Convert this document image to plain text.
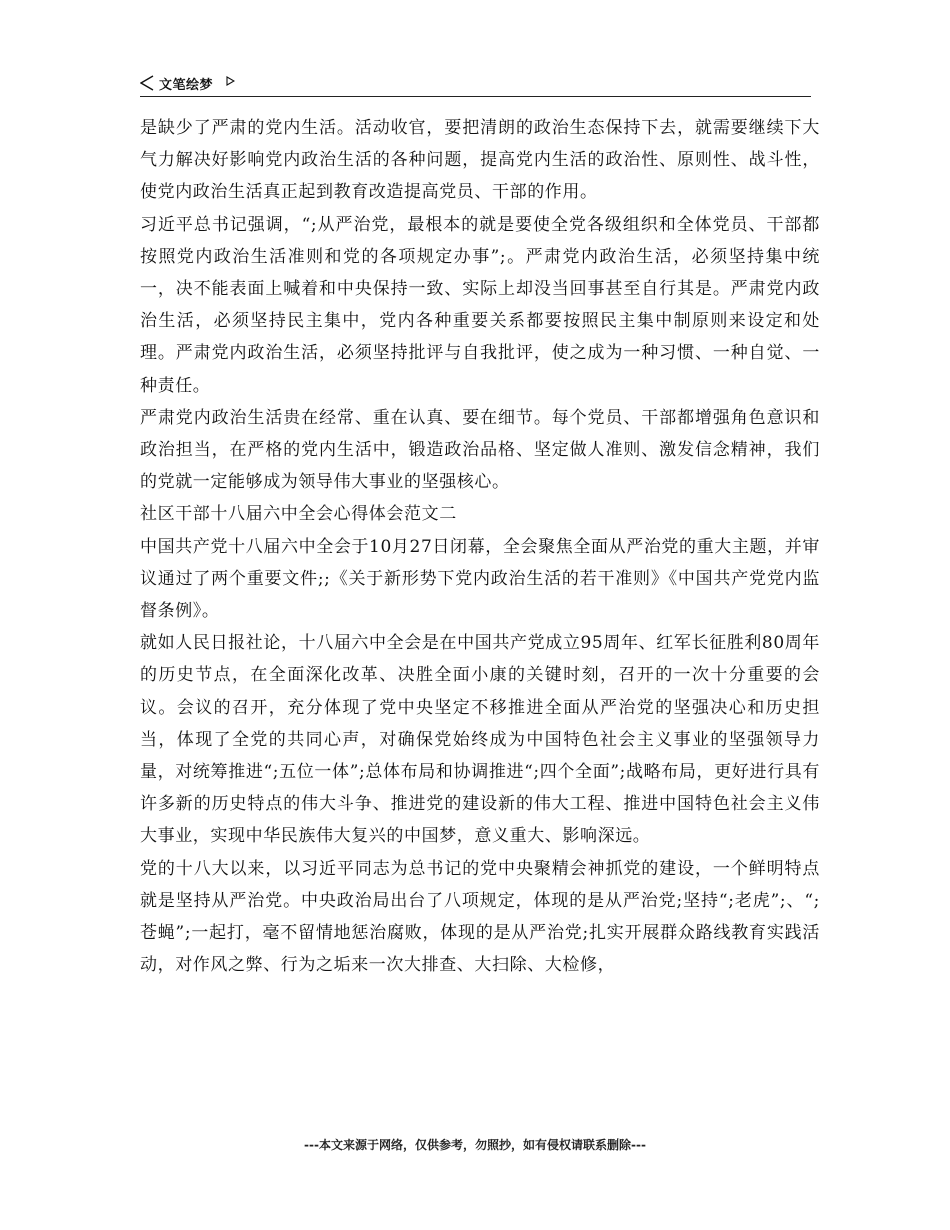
文笔绘梦

是缺少了严肃的党内生活。活动收官，要把清朗的政治生态保持下去，就需要继续下大气力解决好影响党内政治生活的各种问题，提高党内生活的政治性、原则性、战斗性，使党内政治生活真正起到教育改造提高党员、干部的作用。

习近平总书记强调，“;从严治党，最根本的就是要使全党各级组织和全体党员、干部都按照党内政治生活准则和党的各项规定办事”;。严肃党内政治生活，必须坚持集中统一，决不能表面上喊着和中央保持一致、实际上却没当回事甚至自行其是。严肃党内政治生活，必须坚持民主集中，党内各种重要关系都要按照民主集中制原则来设定和处理。严肃党内政治生活，必须坚持批评与自我批评，使之成为一种习惯、一种自觉、一种责任。

严肃党内政治生活贵在经常、重在认真、要在细节。每个党员、干部都增强角色意识和政治担当，在严格的党内生活中，锻造政治品格、坚定做人准则、激发信念精神，我们的党就一定能够成为领导伟大事业的坚强核心。

社区干部十八届六中全会心得体会范文二

中国共产党十八届六中全会于10月27日闭幕，全会聚焦全面从严治党的重大主题，并审议通过了两个重要文件;;《关于新形势下党内政治生活的若干准则》《中国共产党党内监督条例》。

就如人民日报社论，十八届六中全会是在中国共产党成立95周年、红军长征胜利80周年的历史节点，在全面深化改革、决胜全面小康的关键时刻，召开的一次十分重要的会议。会议的召开，充分体现了党中央坚定不移推进全面从严治党的坚强决心和历史担当，体现了全党的共同心声，对确保党始终成为中国特色社会主义事业的坚强领导力量，对统筹推进“;五位一体”;总体布局和协调推进“;四个全面”;战略布局，更好进行具有许多新的历史特点的伟大斗争、推进党的建设新的伟大工程、推进中国特色社会主义伟大事业，实现中华民族伟大复兴的中国梦，意义重大、影响深远。

党的十八大以来，以习近平同志为总书记的党中央聚精会神抓党的建设，一个鲜明特点就是坚持从严治党。中央政治局出台了八项规定，体现的是从严治党;坚持“;老虎”;、“;苍蝇”;一起打，毫不留情地惩治腐败，体现的是从严治党;扎实开展群众路线教育实践活动，对作风之弊、行为之垢来一次大排查、大扫除、大检修，

---本文来源于网络，仅供参考，勿照抄，如有侵权请联系删除---
